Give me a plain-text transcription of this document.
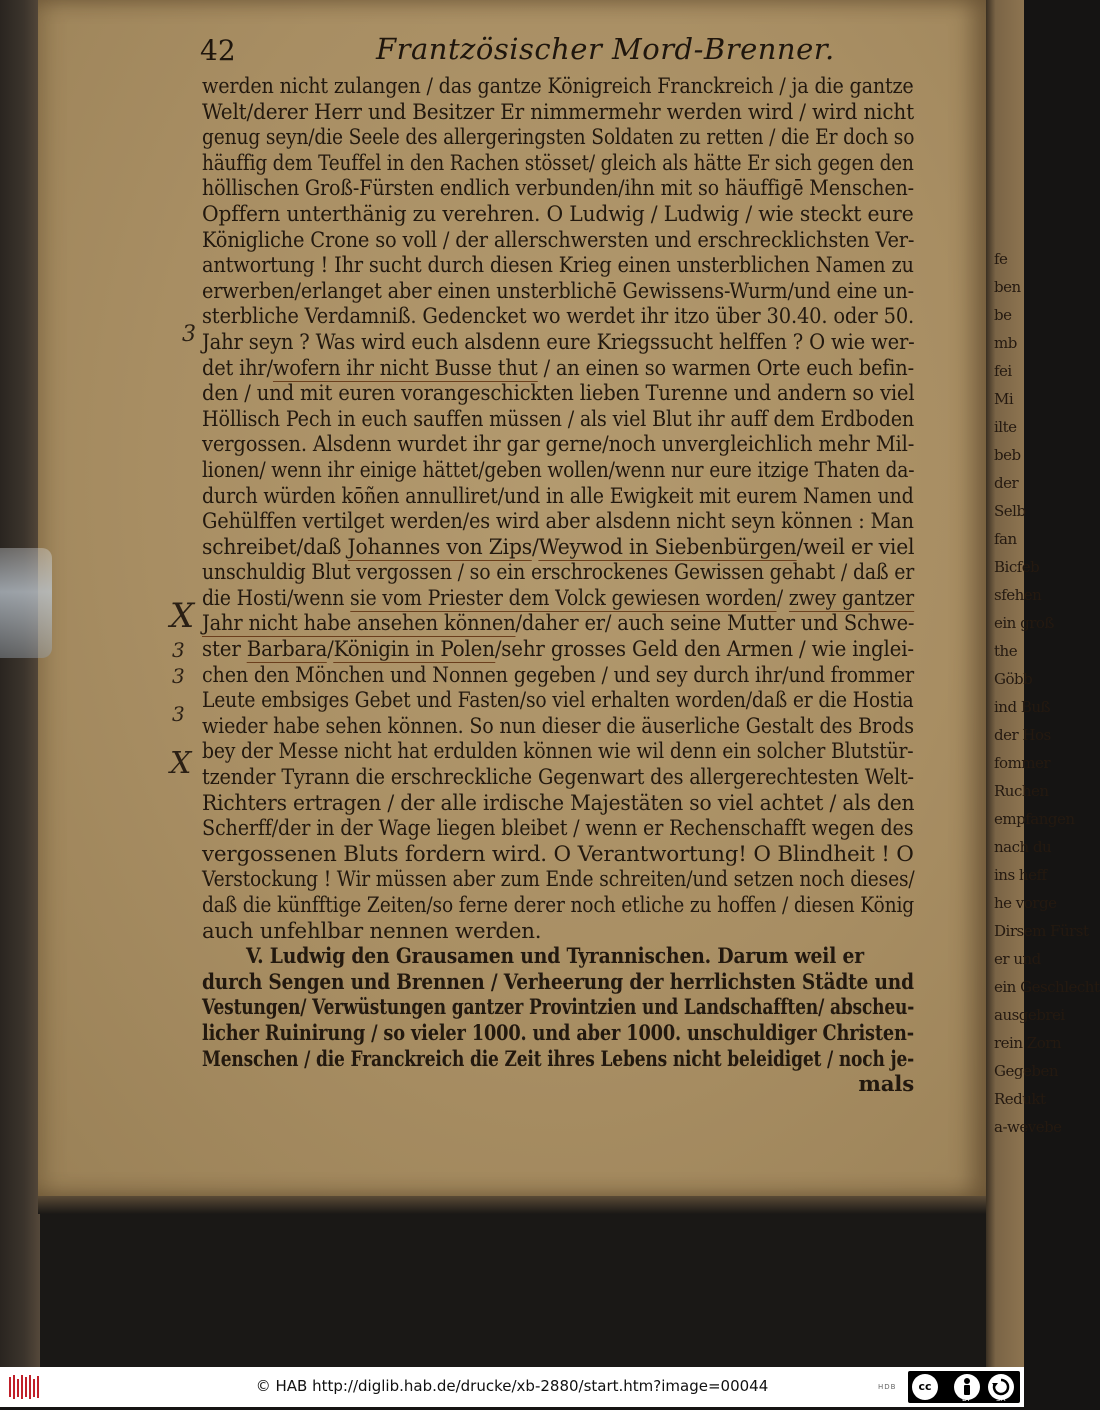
42	Frantzösischer Mord-Brenner.
werden nicht zulangen / das gantze Königreich Franckreich / ja die gantze
Welt/derer Herr und Besitzer Er nimmermehr werden wird / wird nicht
genug seyn/die Seele des allergeringsten Soldaten zu retten / die Er doch so
häuffig dem Teuffel in den Rachen stösset/ gleich als hätte Er sich gegen den
höllischen Groß-Fürsten endlich verbunden/ihn mit so häuffigē Menschen-
Opffern unterthänig zu verehren. O Ludwig / Ludwig / wie steckt eure
Königliche Crone so voll / der allerschwersten und erschrecklichsten Ver-
antwortung ! Ihr sucht durch diesen Krieg einen unsterblichen Namen zu
erwerben/erlanget aber einen unsterblichē Gewissens-Wurm/und eine un-
sterbliche Verdamniß. Gedencket wo werdet ihr itzo über 30.40. oder 50.
Jahr seyn ? Was wird euch alsdenn eure Kriegssucht helffen ? O wie wer-
det ihr/wofern ihr nicht Busse thut / an einen so warmen Orte euch befin-
den / und mit euren vorangeschickten lieben Turenne und andern so viel
Höllisch Pech in euch sauffen müssen / als viel Blut ihr auff dem Erdboden
vergossen. Alsdenn wurdet ihr gar gerne/noch unvergleichlich mehr Mil-
lionen/ wenn ihr einige hättet/geben wollen/wenn nur eure itzige Thaten da-
durch würden kōñen annulliret/und in alle Ewigkeit mit eurem Namen und
Gehülffen vertilget werden/es wird aber alsdenn nicht seyn können : Man
schreibet/daß Johannes von Zips/Weywod in Siebenbürgen/weil er viel
unschuldig Blut vergossen / so ein erschrockenes Gewissen gehabt / daß er
die Hosti/wenn sie vom Priester dem Volck gewiesen worden/ zwey gantzer
Jahr nicht habe ansehen können/daher er/ auch seine Mutter und Schwe-
ster Barbara/Königin in Polen/sehr grosses Geld den Armen / wie inglei-
chen den Mönchen und Nonnen gegeben / und sey durch ihr/und frommer
Leute embsiges Gebet und Fasten/so viel erhalten worden/daß er die Hostia
wieder habe sehen können. So nun dieser die äuserliche Gestalt des Brods
bey der Messe nicht hat erdulden können wie wil denn ein solcher Blutstür-
tzender Tyrann die erschreckliche Gegenwart des allergerechtesten Welt-
Richters ertragen / der alle irdische Majestäten so viel achtet / als den
Scherff/der in der Wage liegen bleibet / wenn er Rechenschafft wegen des
vergossenen Bluts fordern wird. O Verantwortung! O Blindheit ! O
Verstockung ! Wir müssen aber zum Ende schreiten/und setzen noch dieses/
daß die künfftige Zeiten/so ferne derer noch etliche zu hoffen / diesen König
auch unfehlbar nennen werden.
V. Ludwig den Grausamen und Tyrannischen. Darum weil er
durch Sengen und Brennen / Verheerung der herrlichsten Städte und
Vestungen/ Verwüstungen gantzer Provintzien und Landschafften/ abscheu-
licher Ruinirung / so vieler 1000. und aber 1000. unschuldiger Christen-
Menschen / die Franckreich die Zeit ihres Lebens nicht beleidiget / noch je-
mals
3
3
3
3
X
X
fe
ben
be
mb
fei
Mi
ilte
beb
der
Selb
fan
Bicfeb
sfehen
ein groß
the
Göbb
ind Buß
der Hos
fommer
Ruchen
empfangen
nach du
ins heff
he vorge
Dirsem Fürst
er und
ein Geschlecht
ausgebrei
rein Zorn
Gegeben
Redukt
a-wevebe
© HAB http://diglib.hab.de/drucke/xb-2880/start.htm?image=00044	HDB	cc
BY	SA
